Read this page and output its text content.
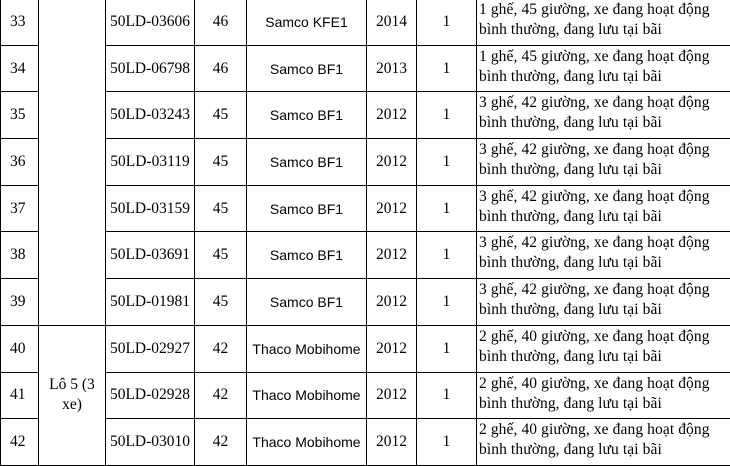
33		50LD-03606	46	Samco KFE1	2014	1	1 ghế, 45 giường, xe đang hoạt động bình thường, đang lưu tại bãi
34		50LD-06798	46	Samco BF1	2013	1	1 ghế, 45 giường, xe đang hoạt động bình thường, đang lưu tại bãi
35		50LD-03243	45	Samco BF1	2012	1	3 ghế, 42 giường, xe đang hoạt động bình thường, đang lưu tại bãi
36		50LD-03119	45	Samco BF1	2012	1	3 ghế, 42 giường, xe đang hoạt động bình thường, đang lưu tại bãi
37		50LD-03159	45	Samco BF1	2012	1	3 ghế, 42 giường, xe đang hoạt động bình thường, đang lưu tại bãi
38		50LD-03691	45	Samco BF1	2012	1	3 ghế, 42 giường, xe đang hoạt động bình thường, đang lưu tại bãi
39		50LD-01981	45	Samco BF1	2012	1	3 ghế, 42 giường, xe đang hoạt động bình thường, đang lưu tại bãi
40		50LD-02927	42	Thaco Mobihome	2012	1	2 ghế, 40 giường, xe đang hoạt động bình thường, đang lưu tại bãi
41	Lô 5 (3 xe)	50LD-02928	42	Thaco Mobihome	2012	1	2 ghế, 40 giường, xe đang hoạt động bình thường, đang lưu tại bãi
42		50LD-03010	42	Thaco Mobihome	2012	1	2 ghế, 40 giường, xe đang hoạt động bình thường, đang lưu tại bãi
